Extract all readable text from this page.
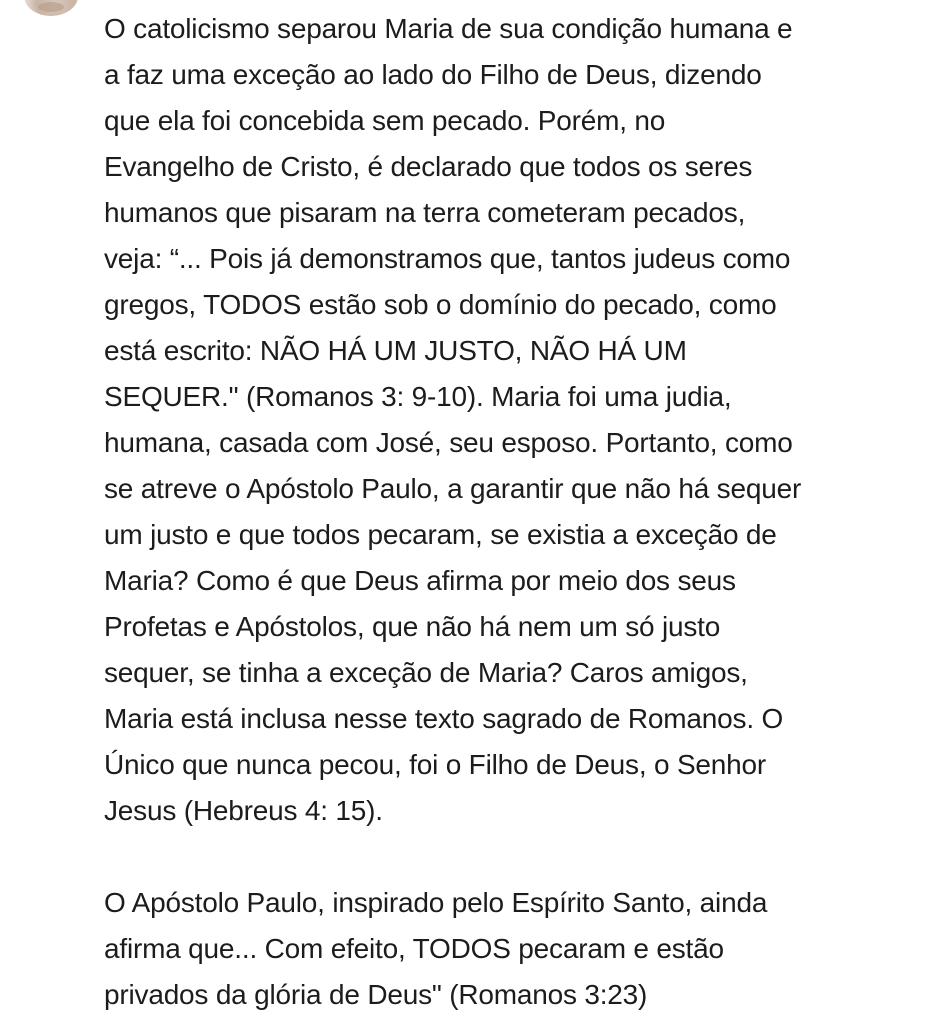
O catolicismo separou Maria de sua condição humana e
a faz uma exceção ao lado do Filho de Deus, dizendo
que ela foi concebida sem pecado. Porém, no
Evangelho de Cristo, é declarado que todos os seres
humanos que pisaram na terra cometeram pecados,
veja: “... Pois já demonstramos que, tantos judeus como
gregos, TODOS estão sob o domínio do pecado, como
está escrito: NÃO HÁ UM JUSTO, NÃO HÁ UM
SEQUER." (Romanos 3: 9-10). Maria foi uma judia,
humana, casada com José, seu esposo. Portanto, como
se atreve o Apóstolo Paulo, a garantir que não há sequer
um justo e que todos pecaram, se existia a exceção de
Maria? Como é que Deus afirma por meio dos seus
Profetas e Apóstolos, que não há nem um só justo
sequer, se tinha a exceção de Maria? Caros amigos,
Maria está inclusa nesse texto sagrado de Romanos. O
Único que nunca pecou, foi o Filho de Deus, o Senhor
Jesus (Hebreus 4: 15).

O Apóstolo Paulo, inspirado pelo Espírito Santo, ainda
afirma que... Com efeito, TODOS pecaram e estão
privados da glória de Deus" (Romanos 3:23)
